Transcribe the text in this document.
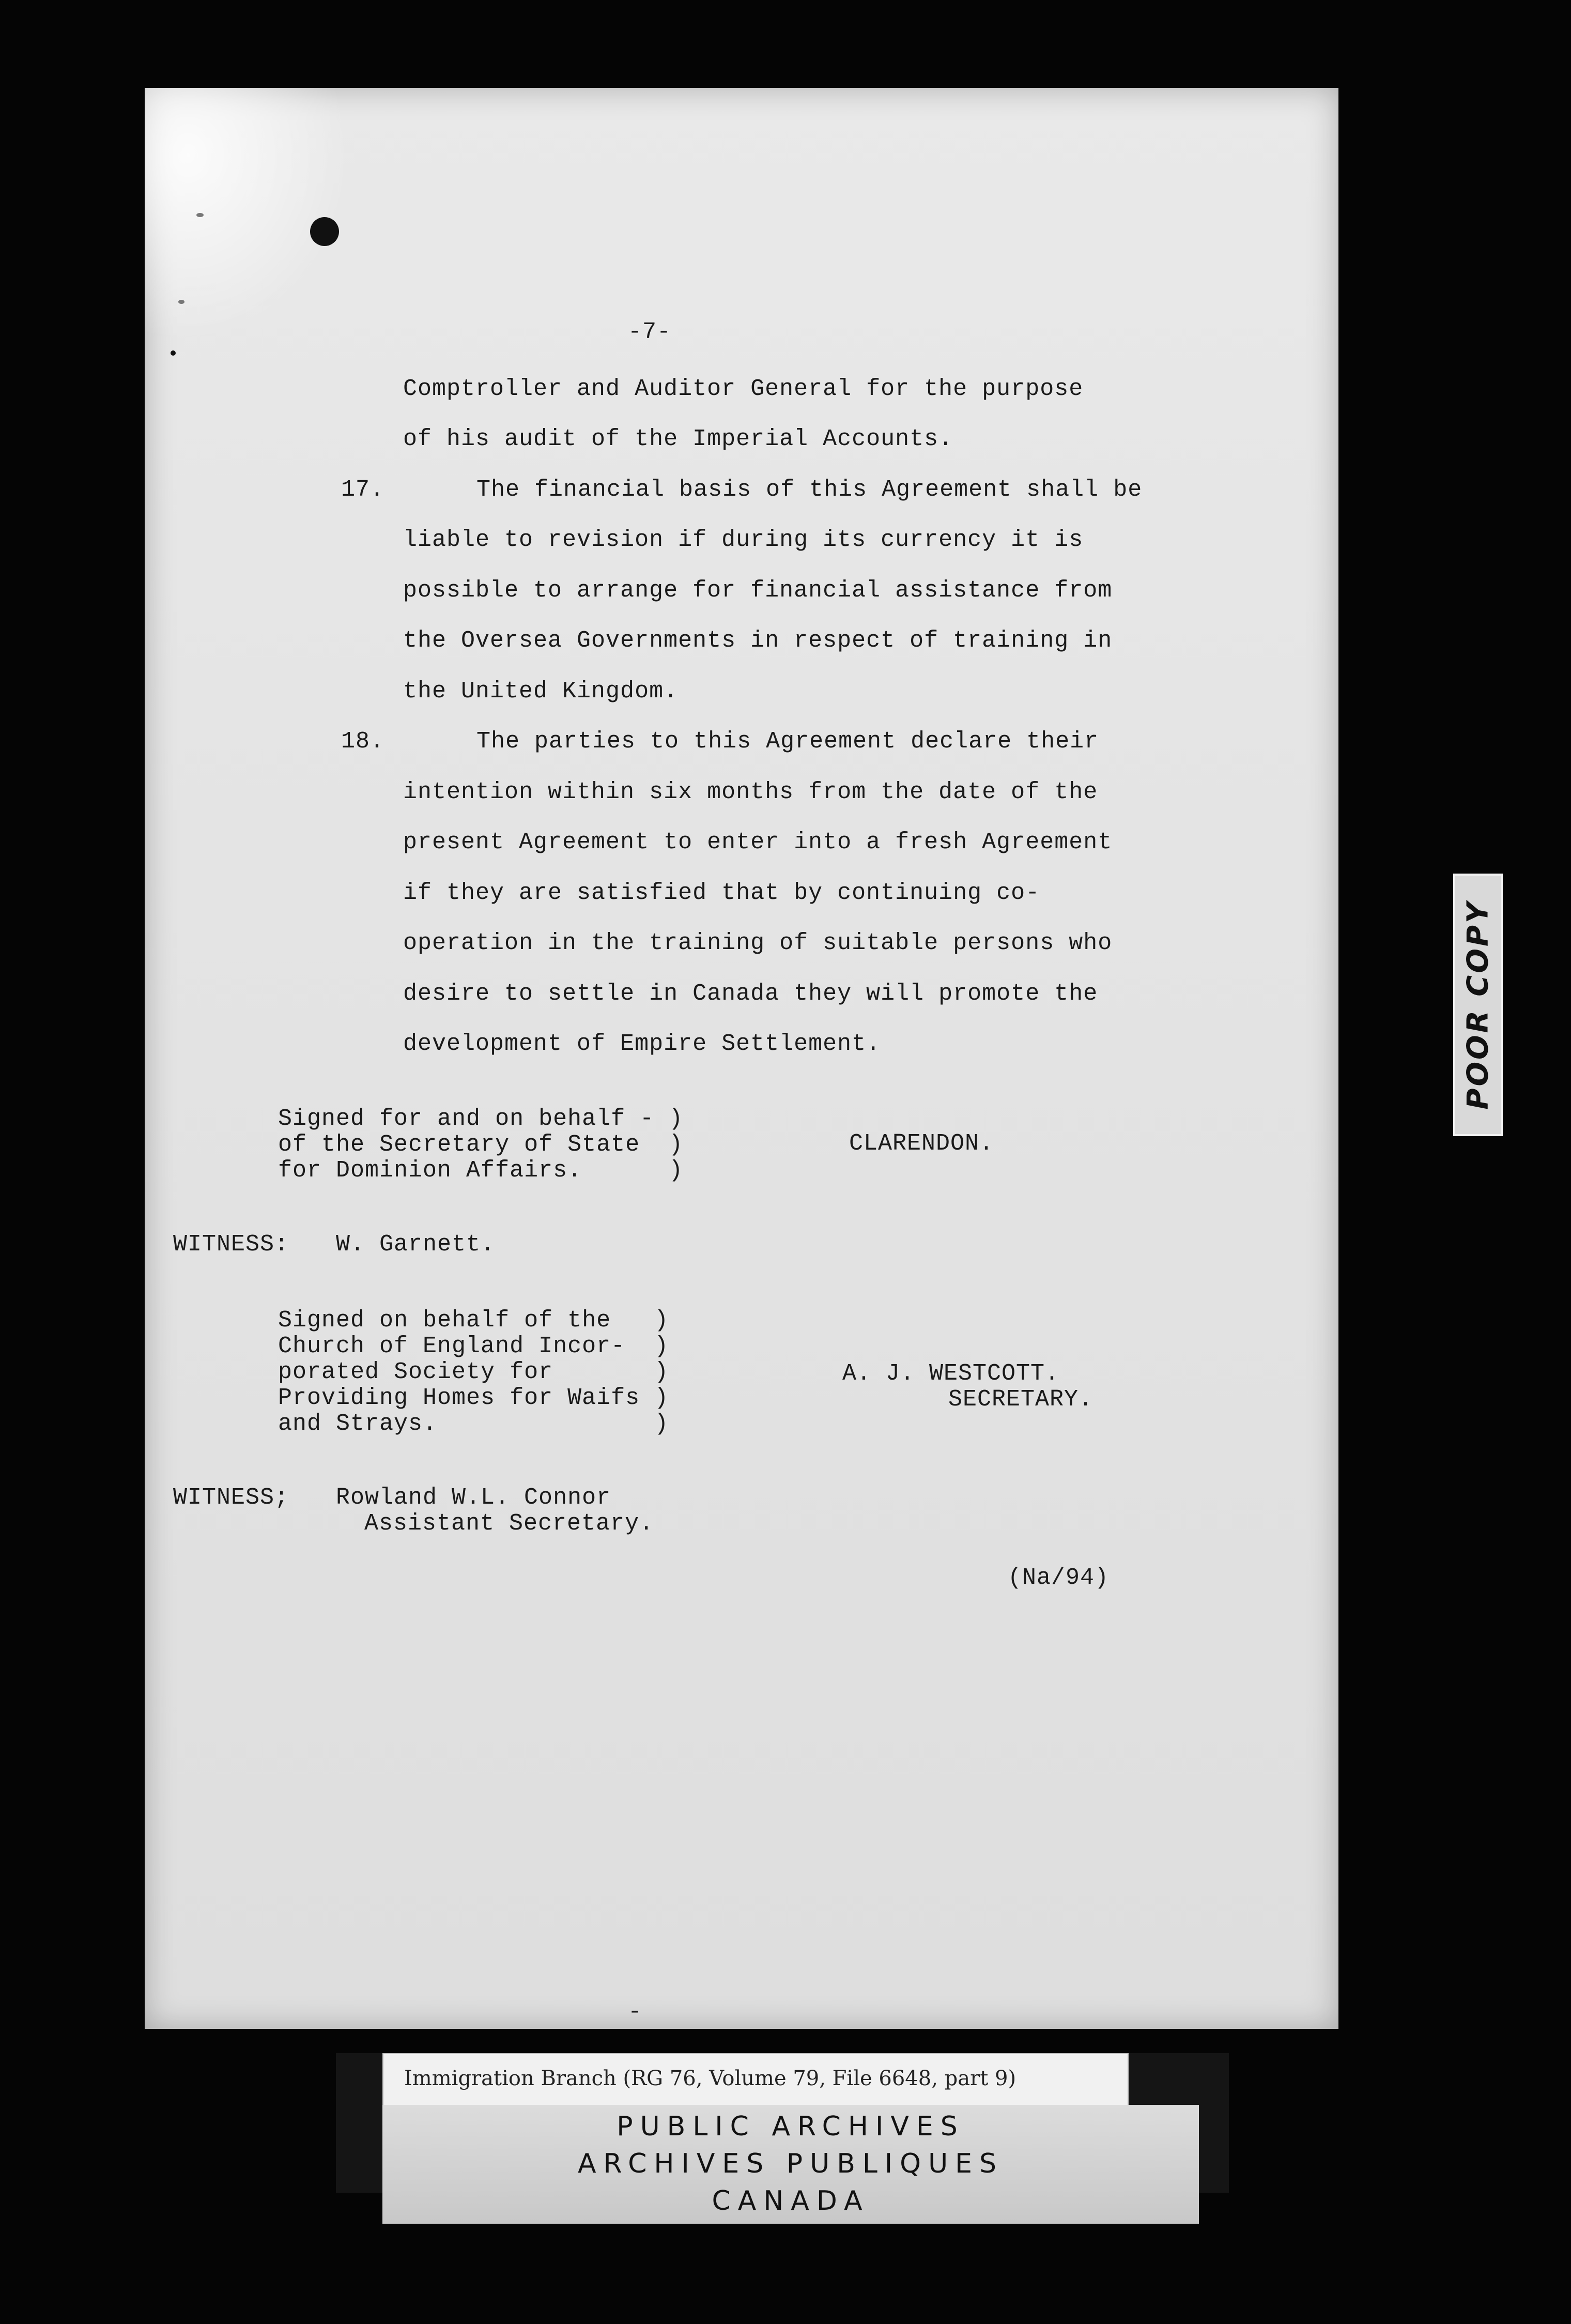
-7-
Comptroller and Auditor General for the purpose
of his audit of the Imperial Accounts.
17.	The financial basis of this Agreement shall be
liable to revision if during its currency it is
possible to arrange for financial assistance from
the Oversea Governments in respect of training in
the United Kingdom.
18.	The parties to this Agreement declare their
intention within six months from the date of the
present Agreement to enter into a fresh Agreement
if they are satisfied that by continuing co-
operation in the training of suitable persons who
desire to settle in Canada they will promote the
development of Empire Settlement.
Signed for and on behalf - )
of the Secretary of State  )
for Dominion Affairs.      )
CLARENDON.
WITNESS: W. Garnett.
Signed on behalf of the   )
Church of England Incor-  )
porated Society for       )
Providing Homes for Waifs )
and Strays.               )
A. J. WESTCOTT.
SECRETARY.
WITNESS; Rowland W.L. Connor
Assistant Secretary.
(Na/94)
-
POOR COPY
Immigration Branch (RG 76, Volume 79, File 6648, part 9)
PUBLIC ARCHIVES
ARCHIVES PUBLIQUES
CANADA
